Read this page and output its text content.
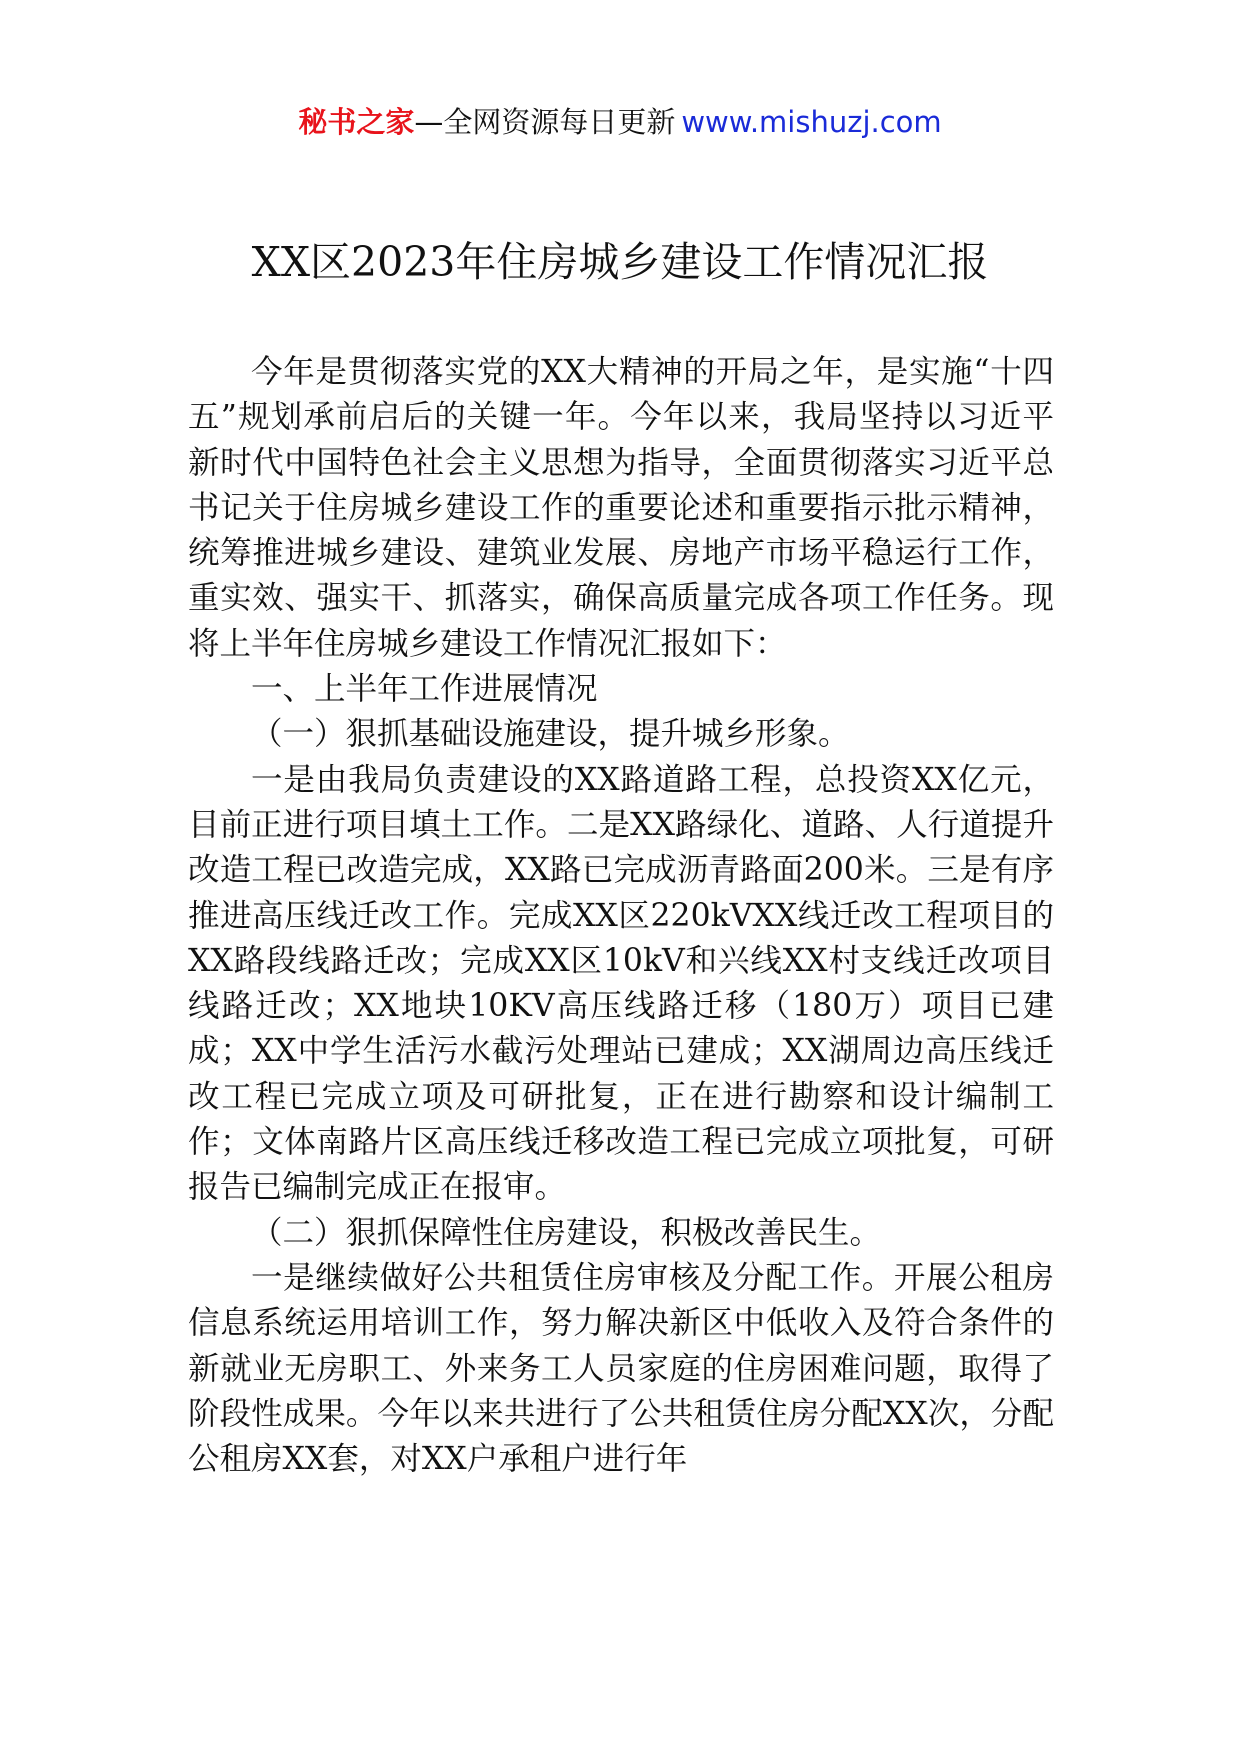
秘书之家—全网资源每日更新 www.mishuzj.com
XX区2023年住房城乡建设工作情况汇报

今年是贯彻落实党的XX大精神的开局之年，是实施“十四五”规划承前启后的关键一年。今年以来，我局坚持以习近平新时代中国特色社会主义思想为指导，全面贯彻落实习近平总书记关于住房城乡建设工作的重要论述和重要指示批示精神，统筹推进城乡建设、建筑业发展、房地产市场平稳运行工作，重实效、强实干、抓落实，确保高质量完成各项工作任务。现将上半年住房城乡建设工作情况汇报如下：

一、上半年工作进展情况

（一）狠抓基础设施建设，提升城乡形象。

一是由我局负责建设的XX路道路工程，总投资XX亿元，目前正进行项目填土工作。二是XX路绿化、道路、人行道提升改造工程已改造完成，XX路已完成沥青路面200米。三是有序推进高压线迁改工作。完成XX区220kVXX线迁改工程项目的XX路段线路迁改；完成XX区10kV和兴线XX村支线迁改项目线路迁改；XX地块10KV高压线路迁移（180万）项目已建成；XX中学生活污水截污处理站已建成；XX湖周边高压线迁改工程已完成立项及可研批复，正在进行勘察和设计编制工作；文体南路片区高压线迁移改造工程已完成立项批复，可研报告已编制完成正在报审。

（二）狠抓保障性住房建设，积极改善民生。

一是继续做好公共租赁住房审核及分配工作。开展公租房信息系统运用培训工作，努力解决新区中低收入及符合条件的新就业无房职工、外来务工人员家庭的住房困难问题，取得了阶段性成果。今年以来共进行了公共租赁住房分配XX次，分配公租房XX套，对XX户承租户进行年
